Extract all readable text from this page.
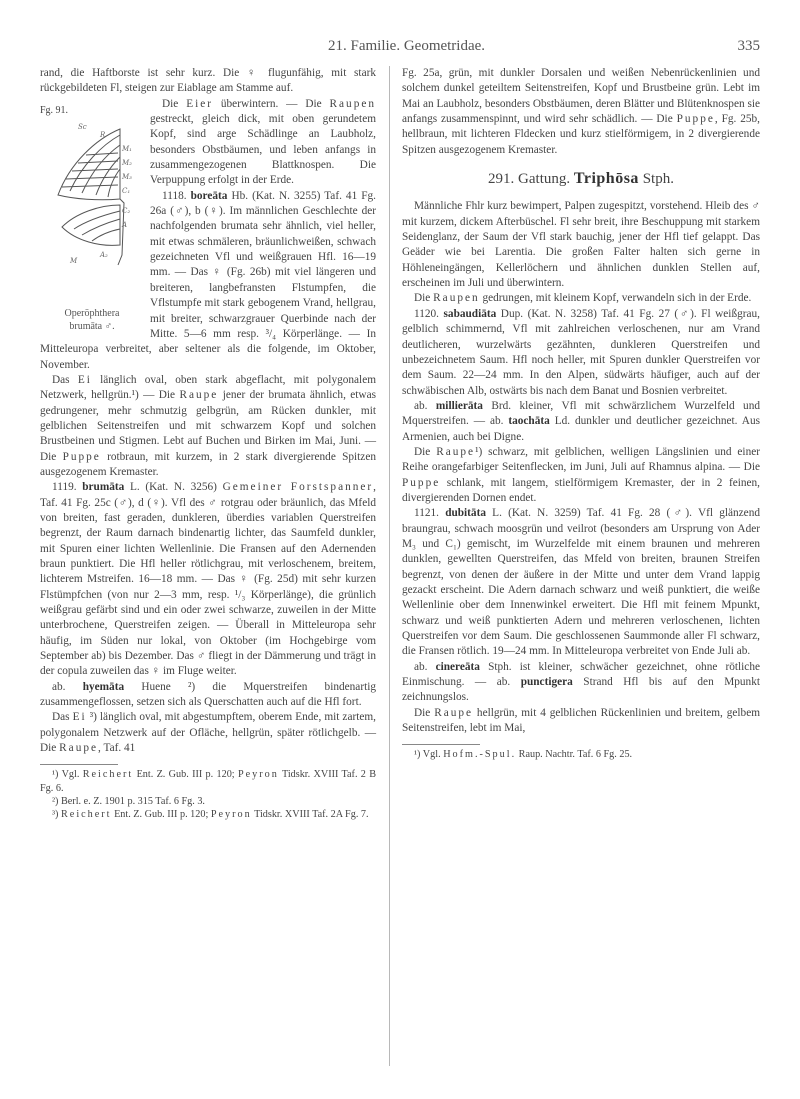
21. Familie. Geometridae.	335

rand, die Haftborste ist sehr kurz. Die ♀ flugunfähig, mit stark rückgebildeten Fl, steigen zur Eiablage am Stamme auf.

Fg. 91.
Sc
R
M₁
M₂
M₃
C₁
C₂
A
A₂
M
Operöphthera
brumāta ♂.

Die Eier überwintern. — Die Raupen gestreckt, gleich dick, mit oben gerundetem Kopf, sind arge Schädlinge an Laubholz, besonders Obstbäumen, und leben anfangs in zusammengezogenen Blattknospen. Die Verpuppung erfolgt in der Erde.

1118. boreāta Hb. (Kat. N. 3255) Taf. 41 Fg. 26a (♂), b (♀). Im männlichen Geschlechte der nachfolgenden brumata sehr ähnlich, viel heller, mit etwas schmäleren, bräunlichweißen, schwach gezeichneten Vfl und weißgrauen Hfl. 16—19 mm. — Das ♀ (Fg. 26b) mit viel längeren und breiteren, langbefransten Flstumpfen, die Vflstumpfe mit stark gebogenem Vrand, hellgrau, mit breiter, schwarzgrauer Querbinde nach der Mitte. 5—6 mm resp. ³/₄ Körperlänge. — In Mitteleuropa verbreitet, aber seltener als die folgende, im Oktober, November.

Das Ei länglich oval, oben stark abgeflacht, mit polygonalem Netzwerk, hellgrün.¹) — Die Raupe jener der brumata ähnlich, etwas gedrungener, mehr schmutzig gelbgrün, am Rücken dunkler, mit gelblichen Seitenstreifen und mit schwarzem Kopf und solchen Brustbeinen und Stigmen. Lebt auf Buchen und Birken im Mai, Juni. — Die Puppe rotbraun, mit kurzem, in 2 stark divergierende Spitzen ausgezogenem Kremaster.

1119. brumāta L. (Kat. N. 3256) Gemeiner Forstspanner, Taf. 41 Fg. 25c (♂), d (♀). Vfl des ♂ rotgrau oder bräunlich, das Mfeld von breiten, fast geraden, dunkleren, überdies variablen Querstreifen begrenzt, der Raum darnach bindenartig lichter, das Saumfeld dunkler, mit Spuren einer lichten Wellenlinie. Die Fransen auf den Adernenden braun punktiert. Die Hfl heller rötlichgrau, mit verloschenem, breitem, lichterem Mstreifen. 16—18 mm. — Das ♀ (Fg. 25d) mit sehr kurzen Flstümpfchen (von nur 2—3 mm, resp. ¹/₃ Körperlänge), die grünlich weißgrau gefärbt sind und ein oder zwei schwarze, zuweilen in der Mitte unterbrochene, Querstreifen zeigen. — Überall in Mitteleuropa sehr häufig, im Süden nur lokal, von Oktober (im Hochgebirge vom September ab) bis Dezember. Das ♂ fliegt in der Dämmerung und trägt in der copula zuweilen das ♀ im Fluge weiter.

ab. hyemāta Huene ²) die Mquerstreifen bindenartig zusammengeflossen, setzen sich als Querschatten auch auf die Hfl fort.

Das Ei ³) länglich oval, mit abgestumpftem, oberem Ende, mit zartem, polygonalem Netzwerk auf der Oflächе, hellgrün, später rötlichgelb. — Die Raupe, Taf. 41

¹) Vgl. Reichert Ent. Z. Gub. III p. 120; Peyron Tidskr. XVIII Taf. 2 B Fg. 6.

²) Berl. e. Z. 1901 p. 315 Taf. 6 Fg. 3.

³) Reichert Ent. Z. Gub. III p. 120; Peyron Tidskr. XVIII Taf. 2A Fg. 7.

Fg. 25a, grün, mit dunkler Dorsalen und weißen Nebenrückenlinien und solchem dunkel geteiltem Seitenstreifen, Kopf und Brustbeine grün. Lebt im Mai an Laubholz, besonders Obstbäumen, deren Blätter und Blütenknospen sie anfangs zusammenspinnt, und wird sehr schädlich. — Die Puppe, Fg. 25b, hellbraun, mit lichteren Fldecken und kurz stielförmigem, in 2 divergierende Spitzen ausgezogenem Kremaster.

291. Gattung. Triphōsa Stph.

Männliche Fhlr kurz bewimpert, Palpen zugespitzt, vorstehend. Hleib des ♂ mit kurzem, dickem Afterbüschel. Fl sehr breit, ihre Beschuppung mit starkem Seidenglanz, der Saum der Vfl stark bauchig, jener der Hfl tief gelappt. Das Geäder wie bei Larentia. Die großen Falter halten sich gerne in Höhleneingängen, Kellerlöchern und ähnlichen dunklen Stellen auf, erscheinen im Juli und überwintern.

Die Raupen gedrungen, mit kleinem Kopf, verwandeln sich in der Erde.

1120. sabaudiāta Dup. (Kat. N. 3258) Taf. 41 Fg. 27 (♂). Fl weißgrau, gelblich schimmernd, Vfl mit zahlreichen verloschenen, nur am Vrand deutlicheren, wurzelwärts gezähnten, dunkleren Querstreifen und unbezeichnetem Saum. Hfl noch heller, mit Spuren dunkler Querstreifen vor dem Saum. 22—24 mm. In den Alpen, südwärts häufiger, auch auf der schwäbischen Alb, ostwärts bis nach dem Banat und Bosnien verbreitet.

ab. millierāta Brd. kleiner, Vfl mit schwärzlichem Wurzelfeld und Mquerstreifen. — ab. taochāta Ld. dunkler und deutlicher gezeichnet. Aus Armenien, auch bei Digne.

Die Raupe¹) schwarz, mit gelblichen, welligen Längslinien und einer Reihe orangefarbiger Seitenflecken, im Juni, Juli auf Rhamnus alpina. — Die Puppe schlank, mit langem, stielförmigem Kremaster, der in 2 feinen, divergierenden Dornen endet.

1121. dubitāta L. (Kat. N. 3259) Taf. 41 Fg. 28 (♂). Vfl glänzend braungrau, schwach moosgrün und veilrot (besonders am Ursprung von Ader M₃ und C₁) gemischt, im Wurzelfelde mit einem braunen und mehreren dunklen, gewellten Querstreifen, das Mfeld von breiten, braunen Streifen begrenzt, von denen der äußere in der Mitte und unter dem Vrand lappig gezackt erscheint. Die Adern darnach schwarz und weiß punktiert, die weiße Wellenlinie ober dem Innenwinkel erweitert. Die Hfl mit feinem Mpunkt, schwarz und weiß punktierten Adern und mehreren verloschenen, lichten Querstreifen vor dem Saum. Die geschlossenen Saummonde aller Fl schwarz, die Fransen rötlich. 19—24 mm. In Mitteleuropa verbreitet von Ende Juli ab.

ab. cinereāta Stph. ist kleiner, schwächer gezeichnet, ohne rötliche Einmischung. — ab. punctigera Strand Hfl bis auf den Mpunkt zeichnungslos.

Die Raupe hellgrün, mit 4 gelblichen Rückenlinien und breitem, gelbem Seitenstreifen, lebt im Mai,

¹) Vgl. Hofm.-Spul. Raup. Nachtr. Taf. 6 Fg. 25.
